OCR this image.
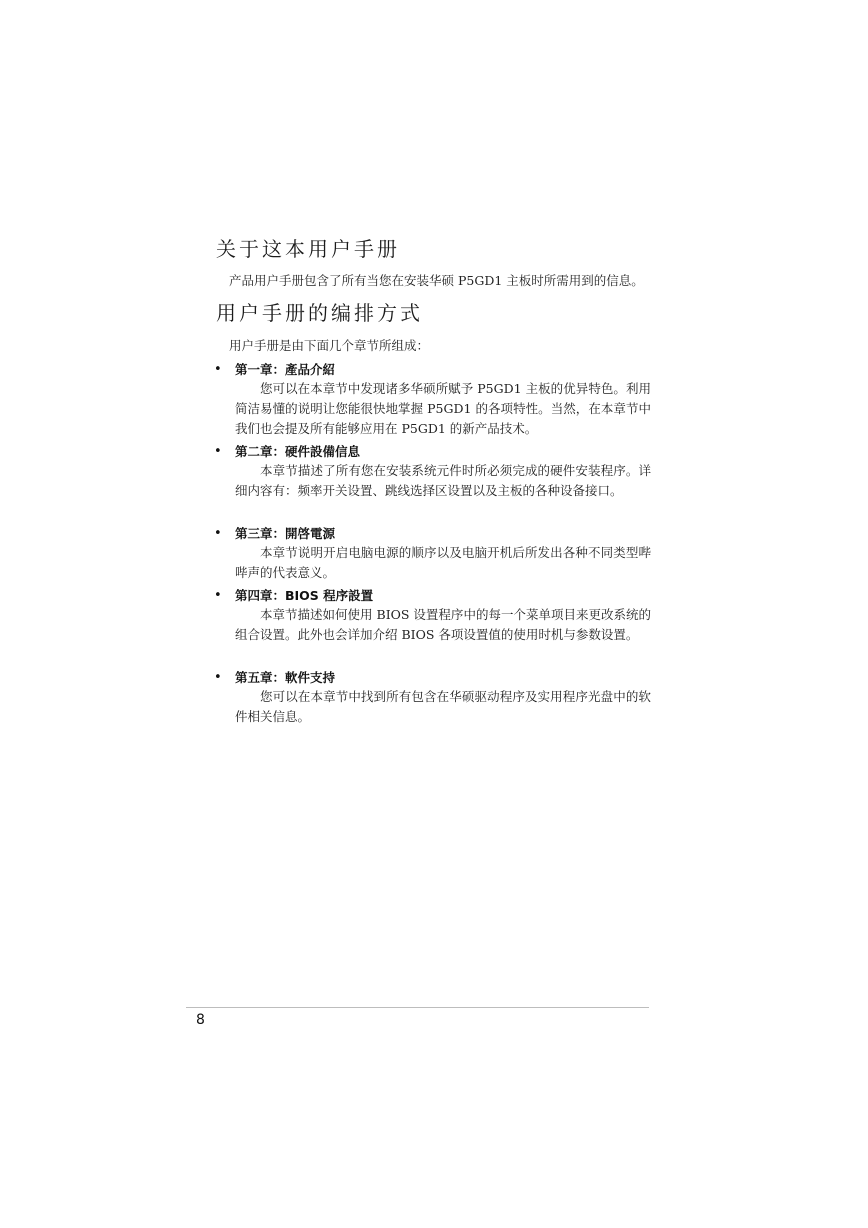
关于这本用户手册
产品用户手册包含了所有当您在安装华硕 P5GD1 主板时所需用到的信息。
用户手册的编排方式
用户手册是由下面几个章节所组成：
• 第一章：產品介紹
您可以在本章节中发现诸多华硕所赋予 P5GD1 主板的优异特色。利用简洁易懂的说明让您能很快地掌握 P5GD1 的各项特性。当然，在本章节中我们也会提及所有能够应用在 P5GD1 的新产品技术。
• 第二章：硬件設備信息
本章节描述了所有您在安装系统元件时所必须完成的硬件安装程序。详细内容有：频率开关设置、跳线选择区设置以及主板的各种设备接口。
• 第三章：開啓電源
本章节说明开启电脑电源的顺序以及电脑开机后所发出各种不同类型哔哔声的代表意义。
• 第四章：BIOS 程序設置
本章节描述如何使用 BIOS 设置程序中的每一个菜单项目来更改系统的组合设置。此外也会详加介绍 BIOS 各项设置值的使用时机与参数设置。
• 第五章：軟件支持
您可以在本章节中找到所有包含在华硕驱动程序及实用程序光盘中的软件相关信息。
8
